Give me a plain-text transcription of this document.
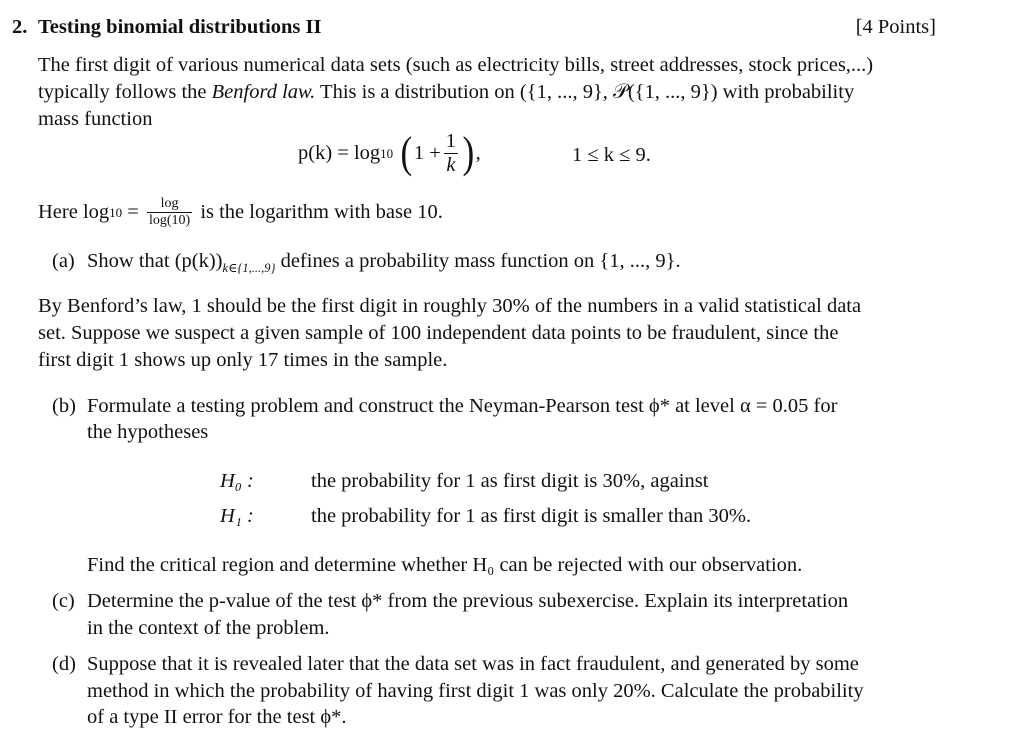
2. Testing binomial distributions II	[4 Points]
The first digit of various numerical data sets (such as electricity bills, street addresses, stock prices,...)
typically follows the Benford law. This is a distribution on ({1, ..., 9}, 𝒫({1, ..., 9}) with probability
mass function
p(k) = log 10 ( $1 + \frac{1}{k}$ ) ,	1 ≤ k ≤ 9.
Here $\log 10 = \frac{\log}{\log(10)}$ is the logarithm with base 10.
(a) Show that $(p(k))_{k\in\{1,...,9\}}$ defines a probability mass function on {1, ..., 9}.
By Benford’s law, 1 should be the first digit in roughly 30% of the numbers in a valid statistical data
set. Suppose we suspect a given sample of 100 independent data points to be fraudulent, since the
first digit 1 shows up only 17 times in the sample.
(b) Formulate a testing problem and construct the Neyman-Pearson test ϕ* at level α = 0.05 for
the hypotheses
H₀ :	the probability for 1 as first digit is 30%, against
H₁ :	the probability for 1 as first digit is smaller than 30%.
Find the critical region and determine whether H₀ can be rejected with our observation.
(c) Determine the p-value of the test ϕ* from the previous subexercise. Explain its interpretation
in the context of the problem.
(d) Suppose that it is revealed later that the data set was in fact fraudulent, and generated by some
method in which the probability of having first digit 1 was only 20%. Calculate the probability
of a type II error for the test ϕ*.
